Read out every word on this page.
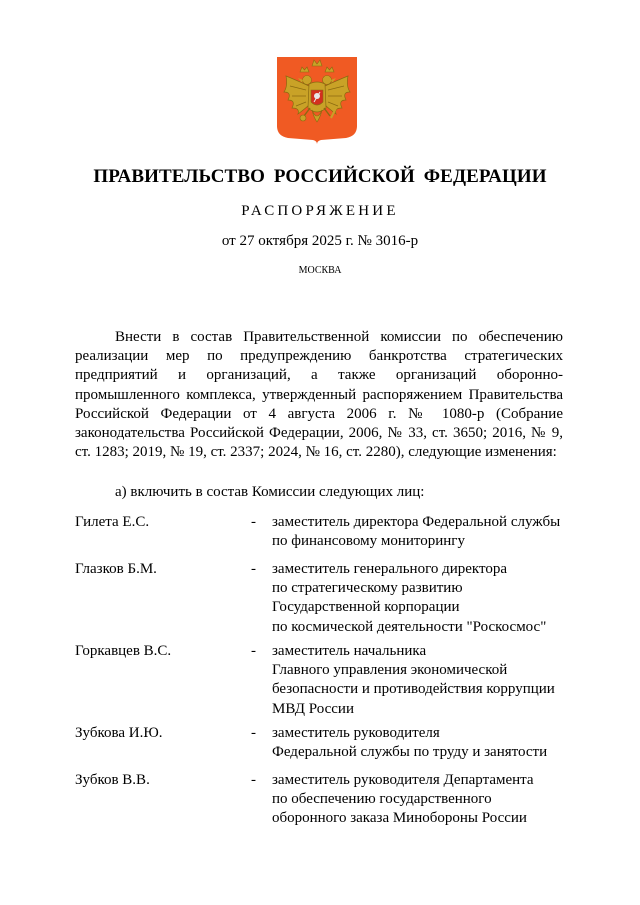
ПРАВИТЕЛЬСТВО РОССИЙСКОЙ ФЕДЕРАЦИИ
РАСПОРЯЖЕНИЕ
от 27 октября 2025 г. № 3016-р
МОСКВА

Внести в состав Правительственной комиссии по обеспечению реализации мер по предупреждению банкротства стратегических предприятий и организаций, а также организаций оборонно-промышленного комплекса, утвержденный распоряжением Правительства Российской Федерации от 4 августа 2006 г. № 1080-р (Собрание законодательства Российской Федерации, 2006, № 33, ст. 3650; 2016, № 9, ст. 1283; 2019, № 19, ст. 2337; 2024, № 16, ст. 2280), следующие изменения:

а) включить в состав Комиссии следующих лиц:

Гилета Е.С.	- заместитель директора Федеральной службы
по финансовому мониторингу
Глазков Б.М.	- заместитель генерального директора
по стратегическому развитию
Государственной корпорации
по космической деятельности "Роскосмос"
Горкавцев В.С.	- заместитель начальника
Главного управления экономической
безопасности и противодействия коррупции
МВД России
Зубкова И.Ю.	- заместитель руководителя
Федеральной службы по труду и занятости
Зубков В.В.	- заместитель руководителя Департамента
по обеспечению государственного
оборонного заказа Минобороны России
